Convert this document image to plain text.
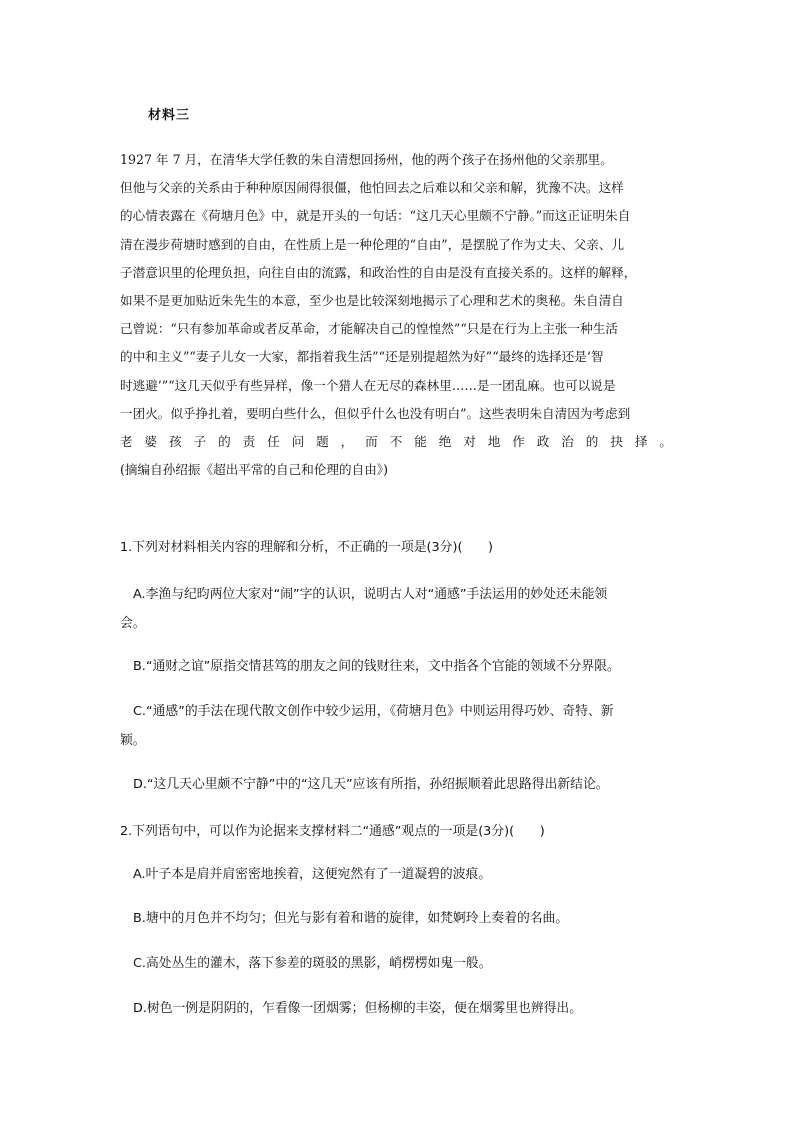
材料三
1927 年 7 月，在清华大学任教的朱自清想回扬州，他的两个孩子在扬州他的父亲那里。
但他与父亲的关系由于种种原因闹得很僵，他怕回去之后难以和父亲和解，犹豫不决。这样
的心情表露在《荷塘月色》中，就是开头的一句话：“这几天心里颇不宁静。”而这正证明朱自
清在漫步荷塘时感到的自由，在性质上是一种伦理的“自由”，是摆脱了作为丈夫、父亲、儿
子潜意识里的伦理负担，向往自由的流露，和政治性的自由是没有直接关系的。这样的解释，
如果不是更加贴近朱先生的本意，至少也是比较深刻地揭示了心理和艺术的奥秘。朱自清自
己曾说：“只有参加革命或者反革命，才能解决自己的惶惶然”“只是在行为上主张一种生活
的中和主义”“妻子儿女一大家，都指着我生活”“还是别提超然为好”“最终的选择还是‘智
时逃避’”“这几天似乎有些异样，像一个猎人在无尽的森林里……是一团乱麻。也可以说是
一团火。似乎挣扎着，要明白些什么，但似乎什么也没有明白”。这些表明朱自清因为考虑到
老 婆 孩 子 的 责 任 问 题 ， 而 不 能 绝 对 地 作 政 治 的 抉 择 。
(摘编自孙绍振《超出平常的自己和伦理的自由》)
1.下列对材料相关内容的理解和分析，不正确的一项是(3分)(　　)
A.李渔与纪昀两位大家对“闹”字的认识，说明古人对“通感”手法运用的妙处还未能领
会。
B.“通财之谊”原指交情甚笃的朋友之间的钱财往来，文中指各个官能的领域不分界限。
C.“通感”的手法在现代散文创作中较少运用，《荷塘月色》中则运用得巧妙、奇特、新
颖。
D.“这几天心里颇不宁静”中的“这几天”应该有所指，孙绍振顺着此思路得出新结论。
2.下列语句中，可以作为论据来支撑材料二“通感”观点的一项是(3分)(　　)
A.叶子本是肩并肩密密地挨着，这便宛然有了一道凝碧的波痕。
B.塘中的月色并不均匀；但光与影有着和谐的旋律，如梵婀玲上奏着的名曲。
C.高处丛生的灌木，落下参差的斑驳的黑影，峭楞楞如鬼一般。
D.树色一例是阴阴的，乍看像一团烟雾；但杨柳的丰姿，便在烟雾里也辨得出。
